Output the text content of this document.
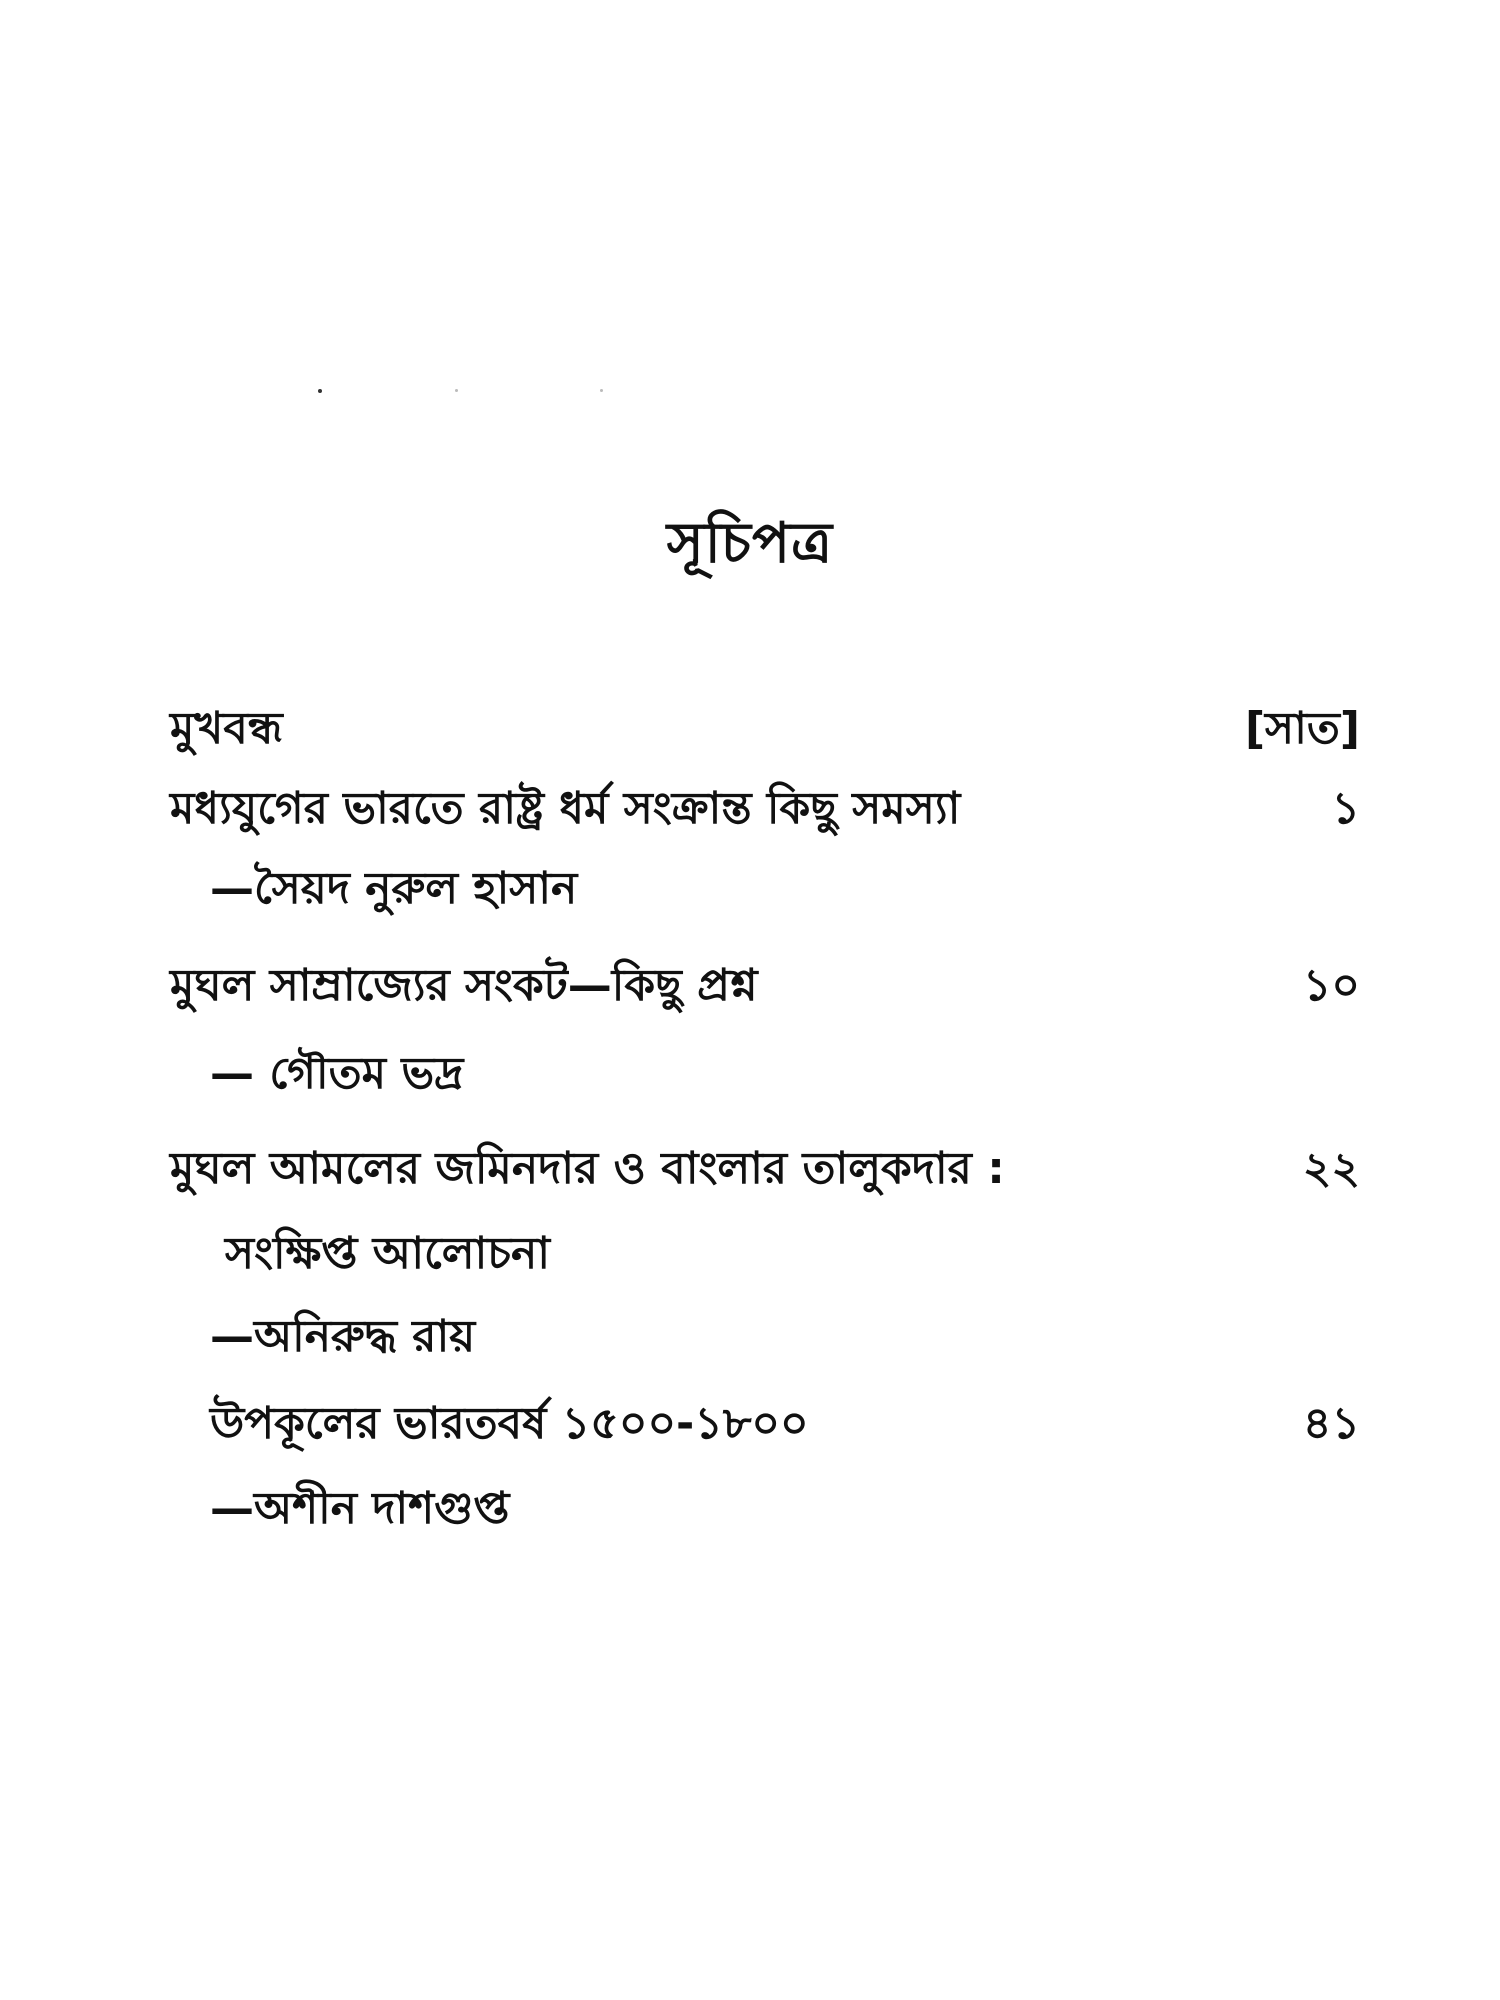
সূচিপত্র
মুখবন্ধ	[সাত]
মধ্যযুগের ভারতে রাষ্ট্র ধর্ম সংক্রান্ত কিছু সমস্যা	১
—সৈয়দ নুরুল হাসান
মুঘল সাম্রাজ্যের সংকট—কিছু প্রশ্ন	১০
— গৌতম ভদ্র
মুঘল আমলের জমিনদার ও বাংলার তালুকদার :	২২
সংক্ষিপ্ত আলোচনা
—অনিরুদ্ধ রায়
উপকূলের ভারতবর্ষ ১৫০০-১৮০০	৪১
—অশীন দাশগুপ্ত
